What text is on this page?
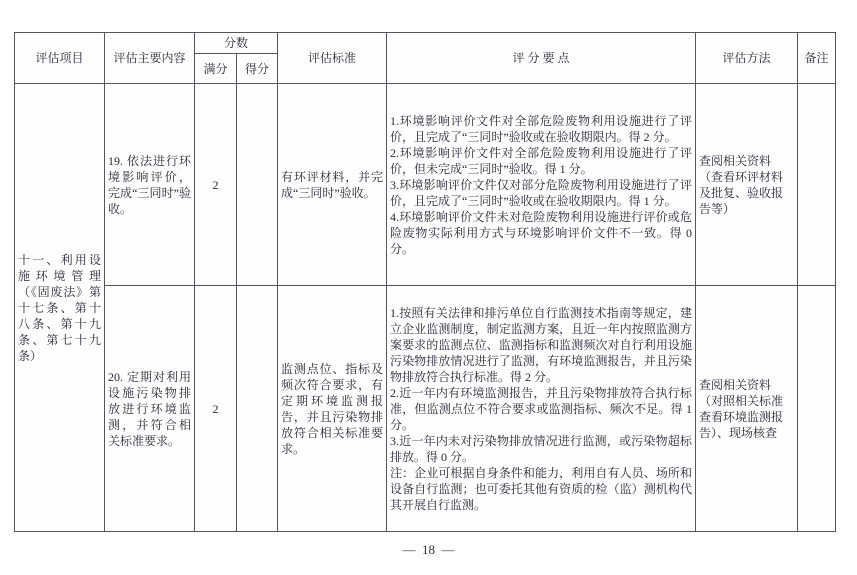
评估项目	评估主要内容	分数		评估标准	评 分 要 点	评估方法	备注
		满分	得分				

十一、利用设施环境管理（《固废法》第十七条、第十八条、第十九条、第七十九条）	19. 依法进行环境影响评价，完成“三同时”验收。	2		有环评材料，并完成“三同时”验收。	1.环境影响评价文件对全部危险废物利用设施进行了评价，且完成了“三同时”验收或在验收期限内。得 2 分。
2.环境影响评价文件对全部危险废物利用设施进行了评价，但未完成“三同时”验收。得 1 分。
3.环境影响评价文件仅对部分危险废物利用设施进行了评价，且完成了“三同时”验收或在验收期限内。得 1 分。
4.环境影响评价文件未对危险废物利用设施进行评价或危险废物实际利用方式与环境影响评价文件不一致。得 0 分。	查阅相关资料（查看环评材料及批复、验收报告等）	

	20. 定期对利用设施污染物排放进行环境监测，并符合相关标准要求。	2		监测点位、指标及频次符合要求，有定期环境监测报告，并且污染物排放符合相关标准要求。	1.按照有关法律和排污单位自行监测技术指南等规定，建立企业监测制度，制定监测方案，且近一年内按照监测方案要求的监测点位、监测指标和监测频次对自行利用设施污染物排放情况进行了监测，有环境监测报告，并且污染物排放符合执行标准。得 2 分。
2.近一年内有环境监测报告，并且污染物排放符合执行标准，但监测点位不符合要求或监测指标、频次不足。得 1 分。
3.近一年内未对污染物排放情况进行监测，或污染物超标排放。得 0 分。
注：企业可根据自身条件和能力，利用自有人员、场所和设备自行监测；也可委托其他有资质的检（监）测机构代其开展自行监测。	查阅相关资料（对照相关标准查看环境监测报告）、现场核查	

—  18  —
